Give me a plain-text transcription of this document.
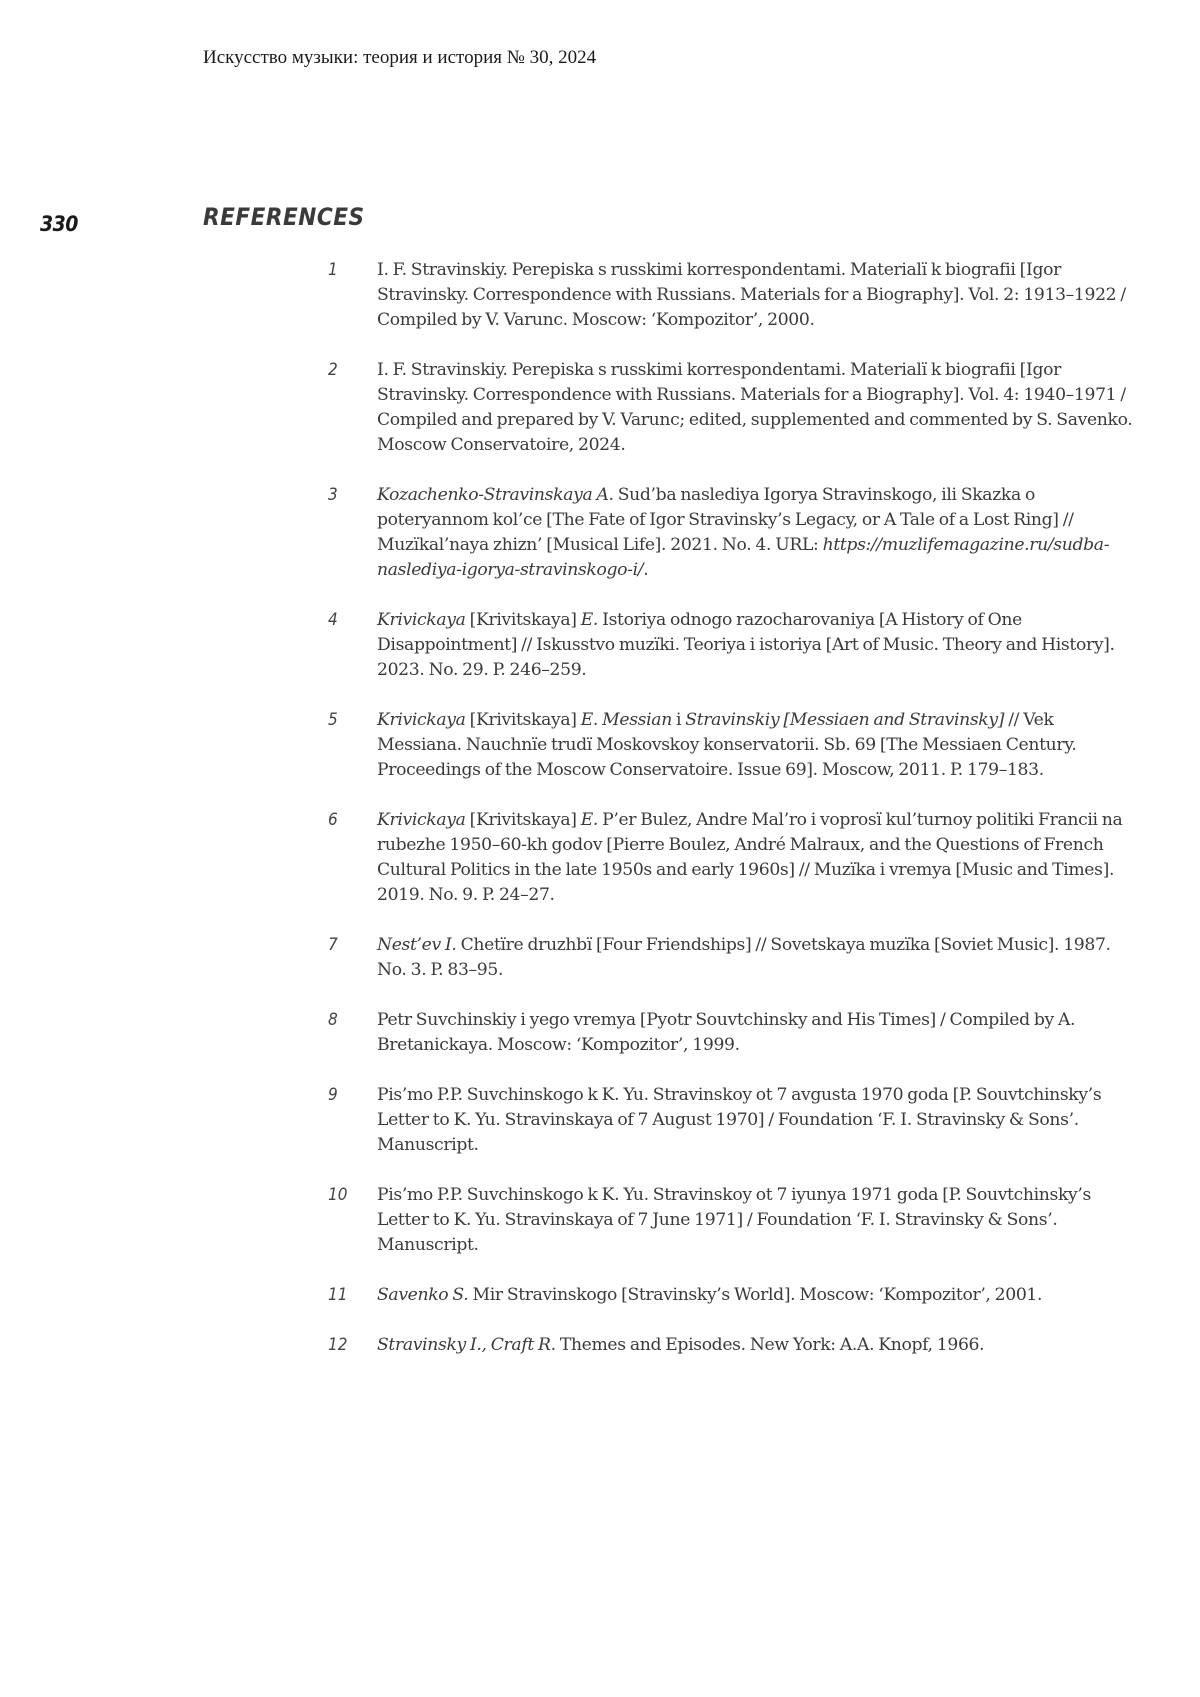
Искусство музыки: теория и история № 30, 2024
330	REFERENCES
1 I. F. Stravinskiy. Perepiska s russkimi korrespondentami. Materialï k biografii [Igor Stravinsky. Correspondence with Russians. Materials for a Biography]. Vol. 2: 1913–1922 / Compiled by V. Varunc. Moscow: ‘Kompozitor’, 2000.
2 I. F. Stravinskiy. Perepiska s russkimi korrespondentami. Materialï k biografii [Igor Stravinsky. Correspondence with Russians. Materials for a Biography]. Vol. 4: 1940–1971 / Compiled and prepared by V. Varunc; edited, supplemented and commented by S. Savenko. Moscow Conservatoire, 2024.
3 Kozachenko-Stravinskaya A. Sud’ba naslediya Igorya Stravinskogo, ili Skazka o poteryannom kol’ce [The Fate of Igor Stravinsky’s Legacy, or A Tale of a Lost Ring] // Muzïkal’naya zhizn’ [Musical Life]. 2021. No. 4. URL: https://muzlifemagazine.ru/sudba-naslediya-igorya-stravinskogo-i/.
4 Krivickaya [Krivitskaya] E. Istoriya odnogo razocharovaniya [A History of One Disappointment] // Iskusstvo muzïki. Teoriya i istoriya [Art of Music. Theory and History]. 2023. No. 29. P. 246–259.
5 Krivickaya [Krivitskaya] E. Messian i Stravinskiy [Messiaen and Stravinsky] // Vek Messiana. Nauchnïe trudï Moskovskoy konservatorii. Sb. 69 [The Messiaen Century. Proceedings of the Moscow Conservatoire. Issue 69]. Moscow, 2011. P. 179–183.
6 Krivickaya [Krivitskaya] E. P’er Bulez, Andre Mal’ro i voprosï kul’turnoy politiki Francii na rubezhe 1950–60-kh godov [Pierre Boulez, André Malraux, and the Questions of French Cultural Politics in the late 1950s and early 1960s] // Muzïka i vremya [Music and Times]. 2019. No. 9. P. 24–27.
7 Nest’ev I. Chetïre druzhbï [Four Friendships] // Sovetskaya muzïka [Soviet Music]. 1987. No. 3. P. 83–95.
8 Petr Suvchinskiy i yego vremya [Pyotr Souvtchinsky and His Times] / Compiled by A. Bretanickaya. Moscow: ‘Kompozitor’, 1999.
9 Pis’mo P.P. Suvchinskogo k K. Yu. Stravinskoy ot 7 avgusta 1970 goda [P. Souvtchinsky’s Letter to K. Yu. Stravinskaya of 7 August 1970] / Foundation ‘F. I. Stravinsky & Sons’. Manuscript.
10 Pis’mo P.P. Suvchinskogo k K. Yu. Stravinskoy ot 7 iyunya 1971 goda [P. Souvtchinsky’s Letter to K. Yu. Stravinskaya of 7 June 1971] / Foundation ‘F. I. Stravinsky & Sons’. Manuscript.
11 Savenko S. Mir Stravinskogo [Stravinsky’s World]. Moscow: ‘Kompozitor’, 2001.
12 Stravinsky I., Craft R. Themes and Episodes. New York: A.A. Knopf, 1966.
